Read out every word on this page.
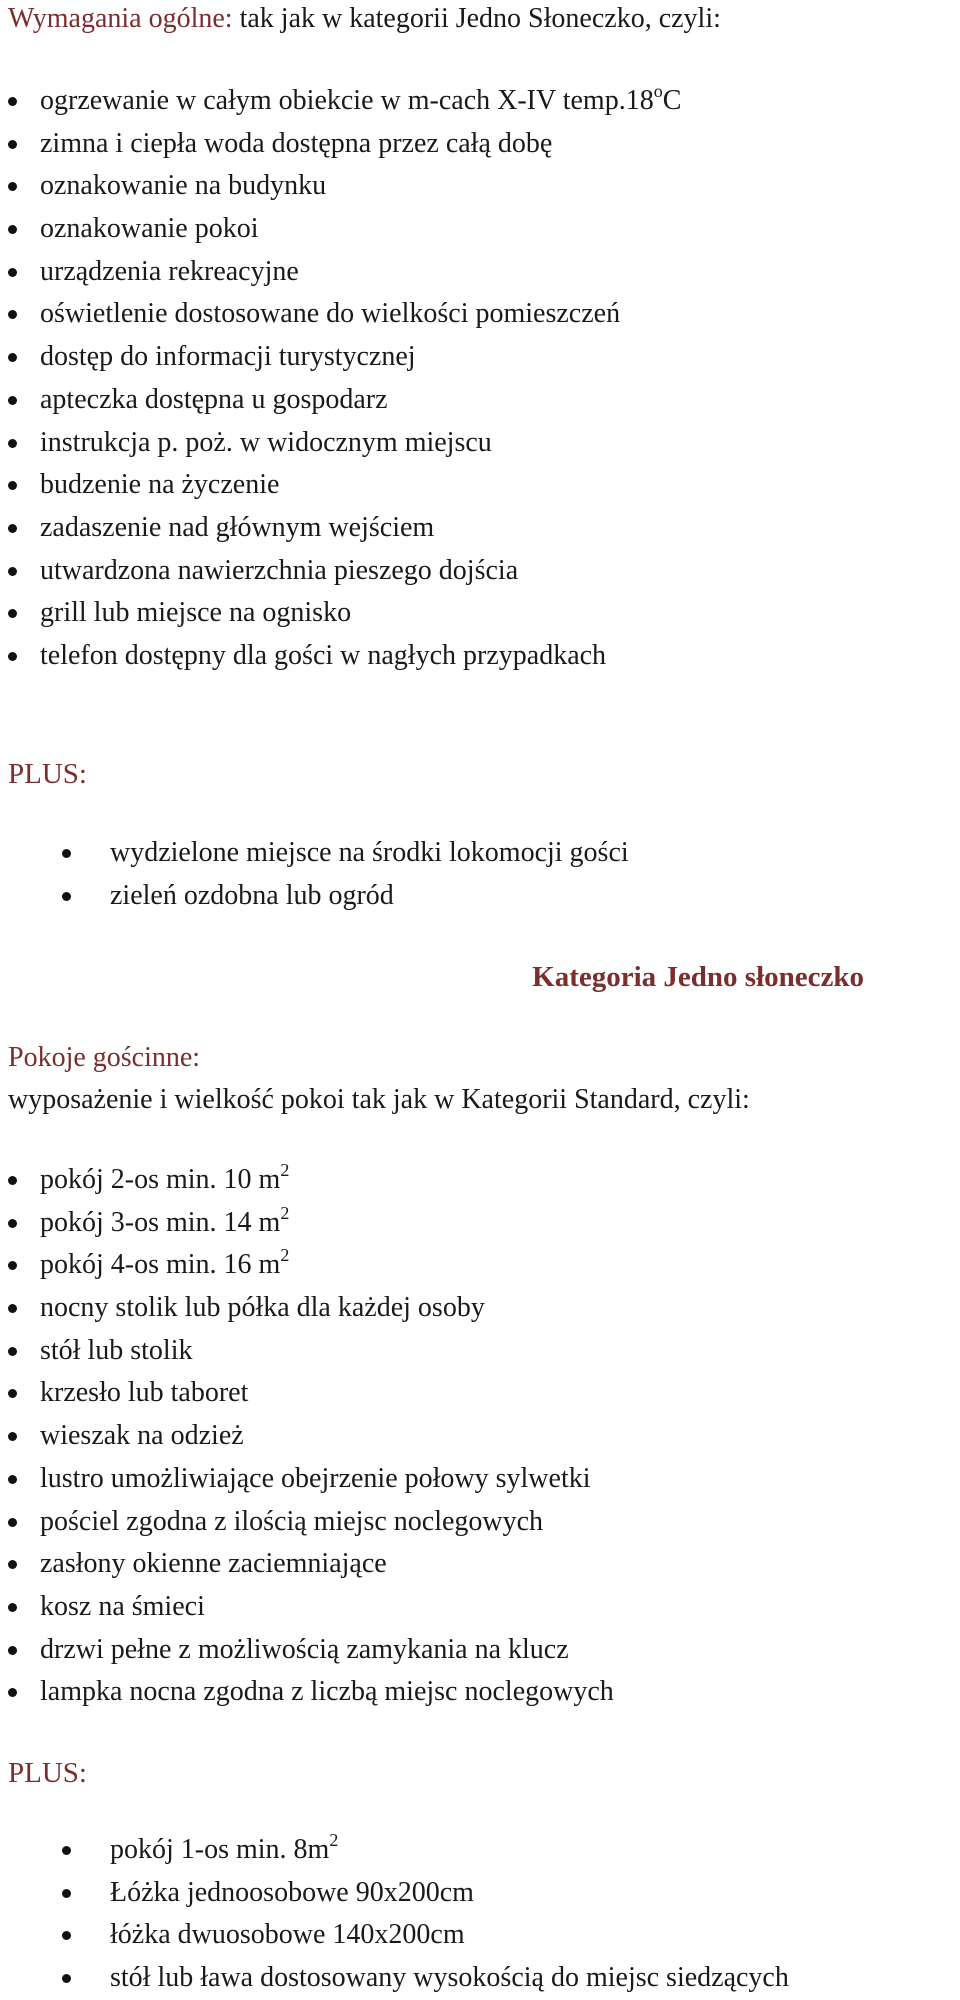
Wymagania ogólne: tak jak w kategorii Jedno Słoneczko, czyli:
ogrzewanie w całym obiekcie w m-cach X-IV temp.18$^o$C
zimna i ciepła woda dostępna przez całą dobę
oznakowanie na budynku
oznakowanie pokoi
urządzenia rekreacyjne
oświetlenie dostosowane do wielkości pomieszczeń
dostęp do informacji turystycznej
apteczka dostępna u gospodarz
instrukcja p. poż. w widocznym miejscu
budzenie na życzenie
zadaszenie nad głównym wejściem
utwardzona nawierzchnia pieszego dojścia
grill lub miejsce na ognisko
telefon dostępny dla gości w nagłych przypadkach
PLUS:
wydzielone miejsce na środki lokomocji gości
zieleń ozdobna lub ogród
Kategoria Jedno słoneczko
Pokoje gościnne:
wyposażenie i wielkość pokoi tak jak w Kategorii Standard, czyli:
pokój 2-os min. 10 $m^2$
pokój 3-os min. 14 $m^2$
pokój 4-os min. 16 $m^2$
nocny stolik lub półka dla każdej osoby
stół lub stolik
krzesło lub taboret
wieszak na odzież
lustro umożliwiające obejrzenie połowy sylwetki
pościel zgodna z ilością miejsc noclegowych
zasłony okienne zaciemniające
kosz na śmieci
drzwi pełne z możliwością zamykania na klucz
lampka nocna zgodna z liczbą miejsc noclegowych
PLUS:
pokój 1-os min. $8m^2$
Łóżka jednoosobowe 90x200cm
łóżka dwuosobowe 140x200cm
stół lub ława dostosowany wysokością do miejsc siedzących
